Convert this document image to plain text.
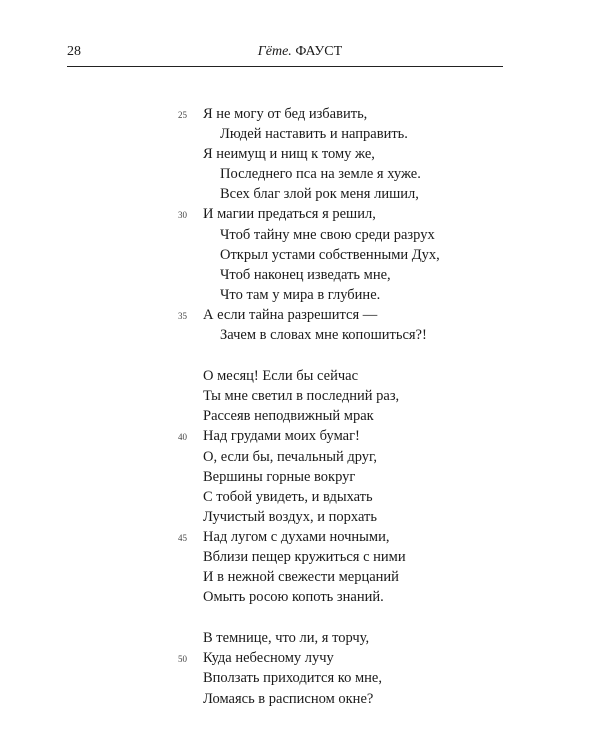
28	Гёте. ФАУСТ
25 Я не могу от бед избавить,
Людей наставить и направить.
Я неимущ и нищ к тому же,
Последнего пса на земле я хуже.
Всех благ злой рок меня лишил,
30 И магии предаться я решил,
Чтоб тайну мне свою среди разрух
Открыл устами собственными Дух,
Чтоб наконец изведать мне,
Что там у мира в глубине.
35 А если тайна разрешится —
Зачем в словах мне копошиться?!
О месяц! Если бы сейчас
Ты мне светил в последний раз,
Рассеяв неподвижный мрак
40 Над грудами моих бумаг!
О, если бы, печальный друг,
Вершины горные вокруг
С тобой увидеть, и вдыхать
Лучистый воздух, и порхать
45 Над лугом с духами ночными,
Вблизи пещер кружиться с ними
И в нежной свежести мерцаний
Омыть росою копоть знаний.
В темнице, что ли, я торчу,
50 Куда небесному лучу
Вползать приходится ко мне,
Ломаясь в расписном окне?
